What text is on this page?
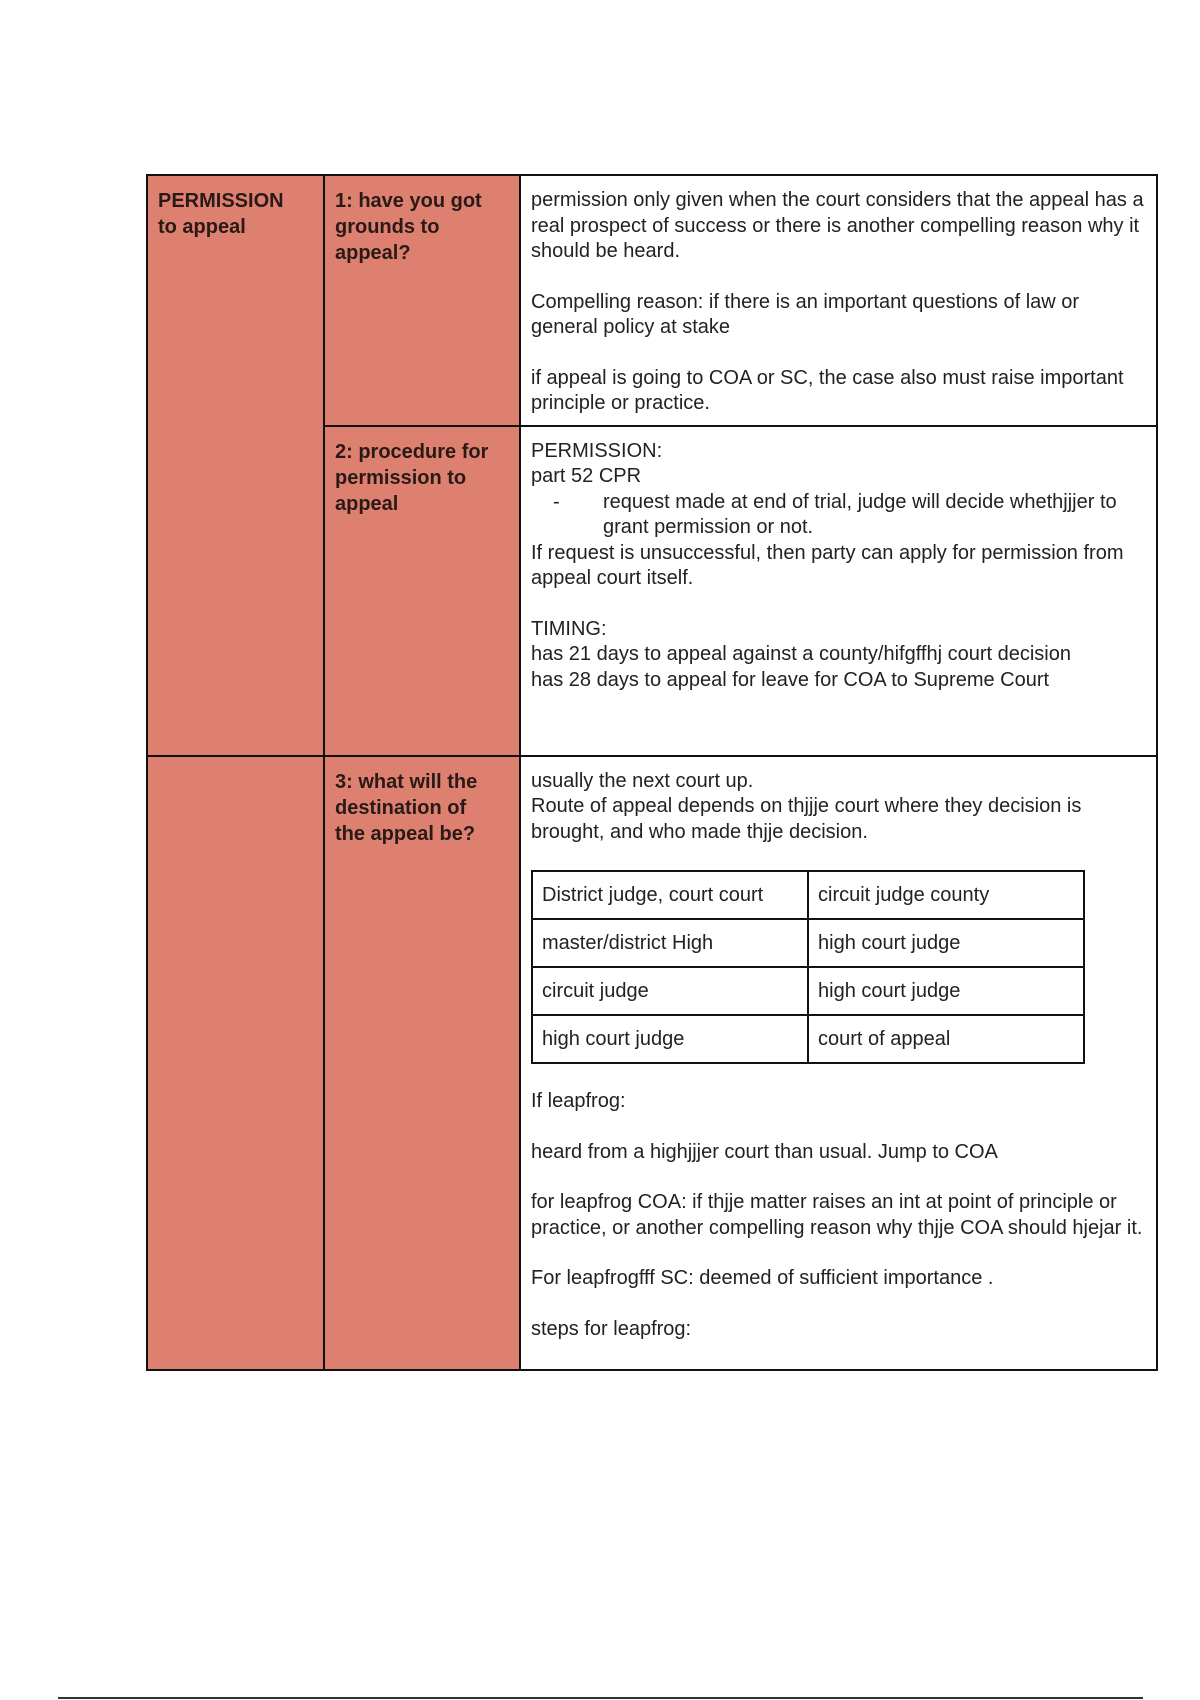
PERMISSION
to appeal

1: have you got
grounds to
appeal?

permission only given when the court considers that the appeal has a real prospect of success or there is another compelling reason why it should be heard.

Compelling reason: if there is an important questions of law or general policy at stake

if appeal is going to COA or SC, the case also must raise important principle or practice.

2: procedure for
permission to
appeal

PERMISSION:
part 52 CPR
-	request made at end of trial, judge will decide whethjjjer to grant permission or not.
If request is unsuccessful, then party can apply for permission from appeal court itself.
TIMING:
has 21 days to appeal against a county/hifgffhj court decision
has 28 days to appeal for leave for COA to Supreme Court

3: what will the
destination of
the appeal be?

usually the next court up.
Route of appeal depends on thjjje court where they decision is brought, and who made thjje decision.
District judge, court court	circuit judge county
master/district High	high court judge
circuit judge	high court judge
high court judge	court of appeal

If leapfrog:

heard from a highjjjer court than usual. Jump to COA

for leapfrog COA: if thjje matter raises an int at point of principle or practice, or another compelling reason why thjje COA should hjejar it.

For leapfrogfff SC: deemed of sufficient importance .

steps for leapfrog:
